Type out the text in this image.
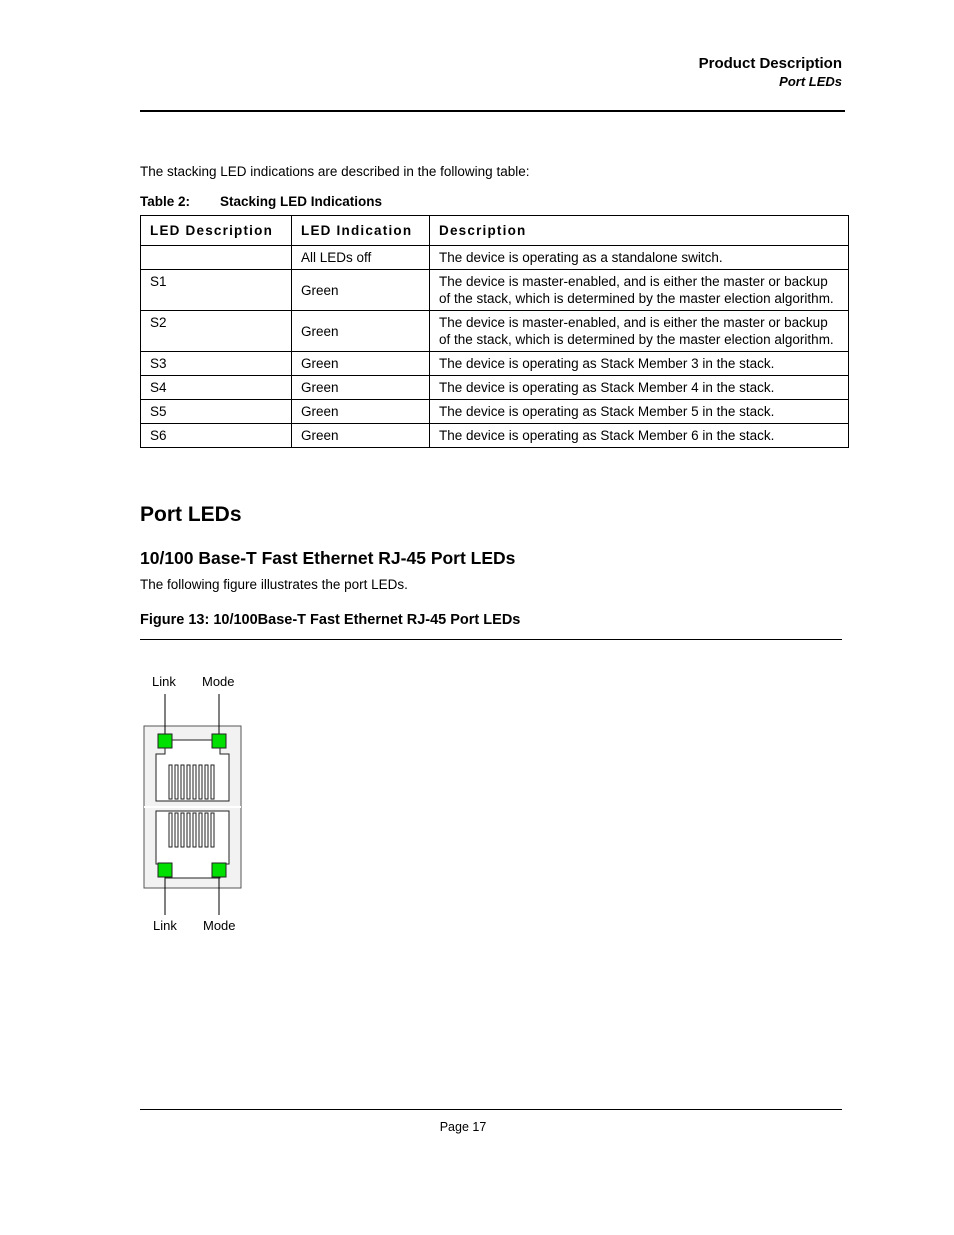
Product Description
Port LEDs
The stacking LED indications are described in the following table:
Table 2: Stacking LED Indications
LED Description	LED Indication	Description
	All LEDs off	The device is operating as a standalone switch.
S1	Green	The device is master-enabled, and is either the master or backup of the stack, which is determined by the master election algorithm.
S2	Green	The device is master-enabled, and is either the master or backup of the stack, which is determined by the master election algorithm.
S3	Green	The device is operating as Stack Member 3 in the stack.
S4	Green	The device is operating as Stack Member 4 in the stack.
S5	Green	The device is operating as Stack Member 5 in the stack.
S6	Green	The device is operating as Stack Member 6 in the stack.
Port LEDs
10/100 Base-T Fast Ethernet RJ-45 Port LEDs
The following figure illustrates the port LEDs.
Figure 13: 10/100Base-T Fast Ethernet RJ-45 Port LEDs
Link Mode
Link Mode
Page 17
